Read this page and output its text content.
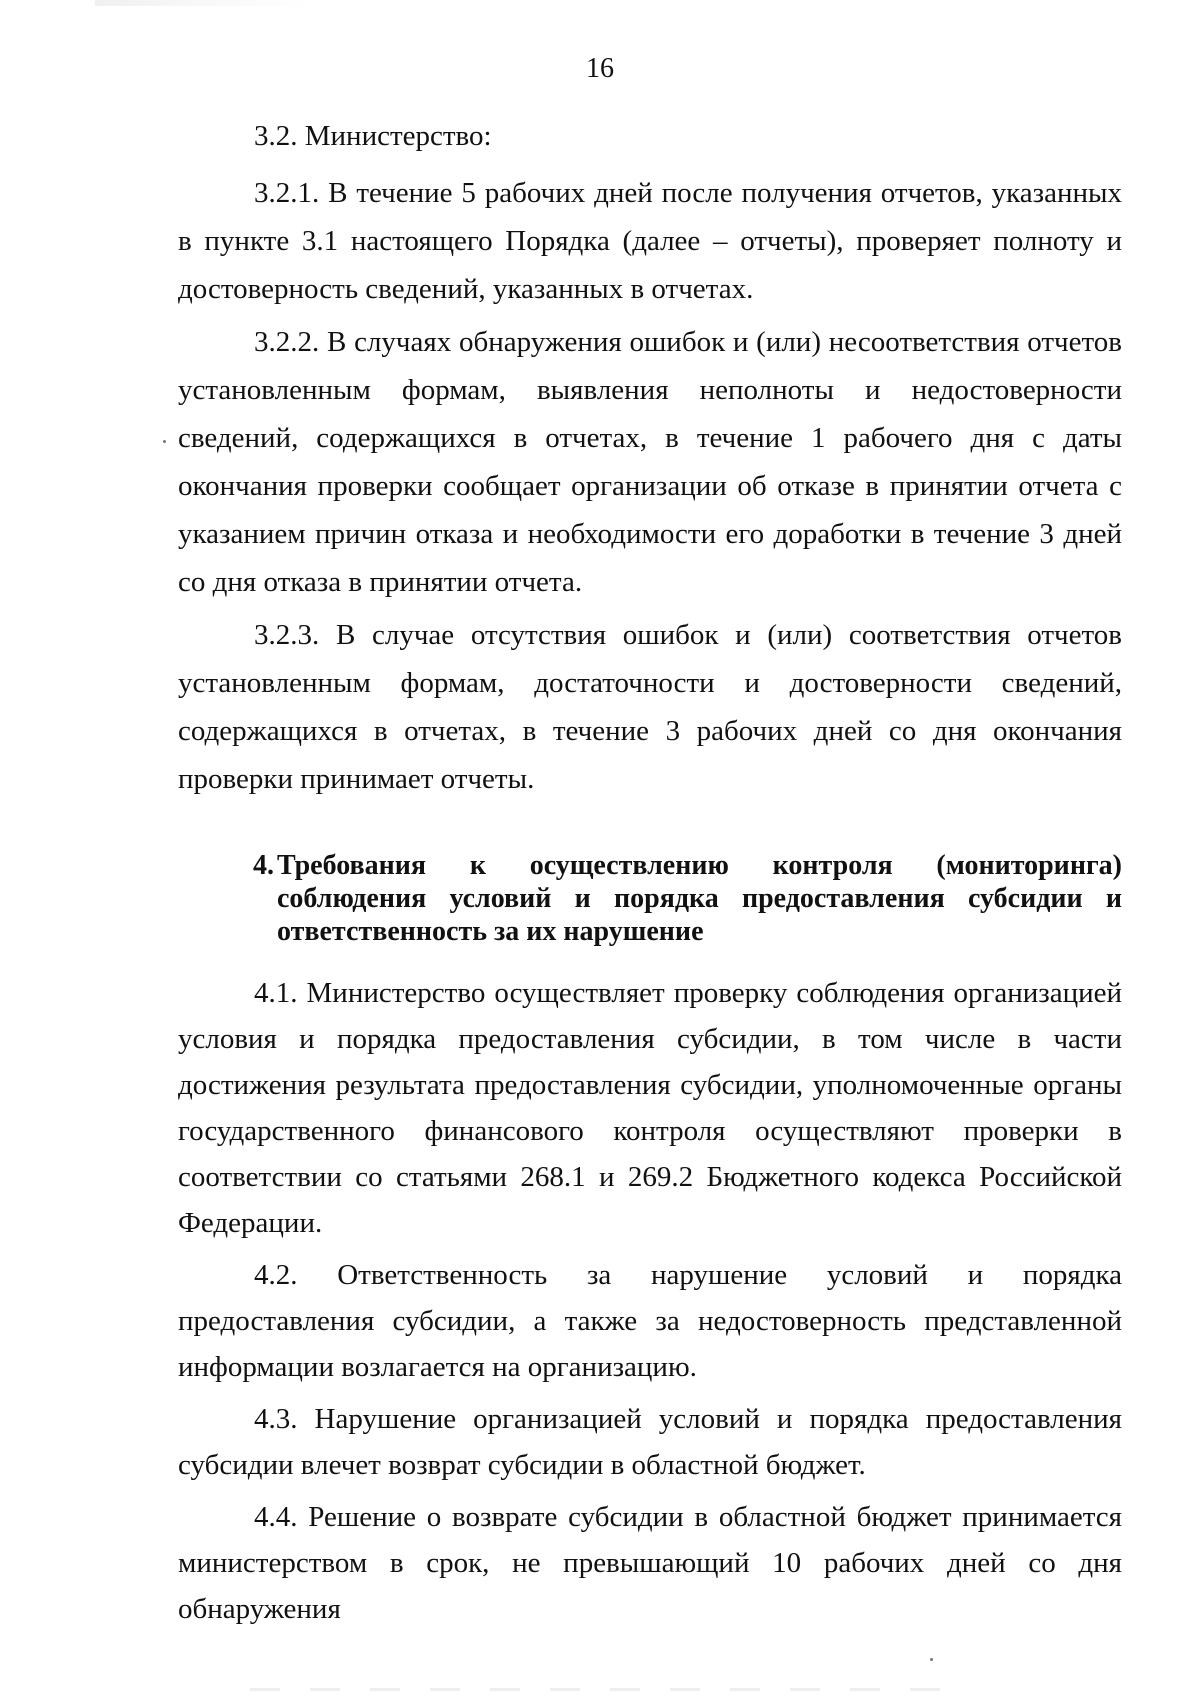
16

3.2. Министерство:

3.2.1. В течение 5 рабочих дней после получения отчетов, указанных в пункте 3.1 настоящего Порядка (далее – отчеты), проверяет полноту и достоверность сведений, указанных в отчетах.

3.2.2. В случаях обнаружения ошибок и (или) несоответствия отчетов установленным формам, выявления неполноты и недостоверности сведений, содержащихся в отчетах, в течение 1 рабочего дня с даты окончания проверки сообщает организации об отказе в принятии отчета с указанием причин отказа и необходимости его доработки в течение 3 дней со дня отказа в принятии отчета.

3.2.3. В случае отсутствия ошибок и (или) соответствия отчетов установленным формам, достаточности и достоверности сведений, содержащихся в отчетах, в течение 3 рабочих дней со дня окончания проверки принимает отчеты.

4. Требования к осуществлению контроля (мониторинга) соблюдения условий и порядка предоставления субсидии и ответственность за их нарушение

4.1. Министерство осуществляет проверку соблюдения организацией условия и порядка предоставления субсидии, в том числе в части достижения результата предоставления субсидии, уполномоченные органы государственного финансового контроля осуществляют проверки в соответствии со статьями 268.1 и 269.2 Бюджетного кодекса Российской Федерации.

4.2. Ответственность за нарушение условий и порядка предоставления субсидии, а также за недостоверность представленной информации возлагается на организацию.

4.3. Нарушение организацией условий и порядка предоставления субсидии влечет возврат субсидии в областной бюджет.

4.4. Решение о возврате субсидии в областной бюджет принимается министерством в срок, не превышающий 10 рабочих дней со дня обнаружения
